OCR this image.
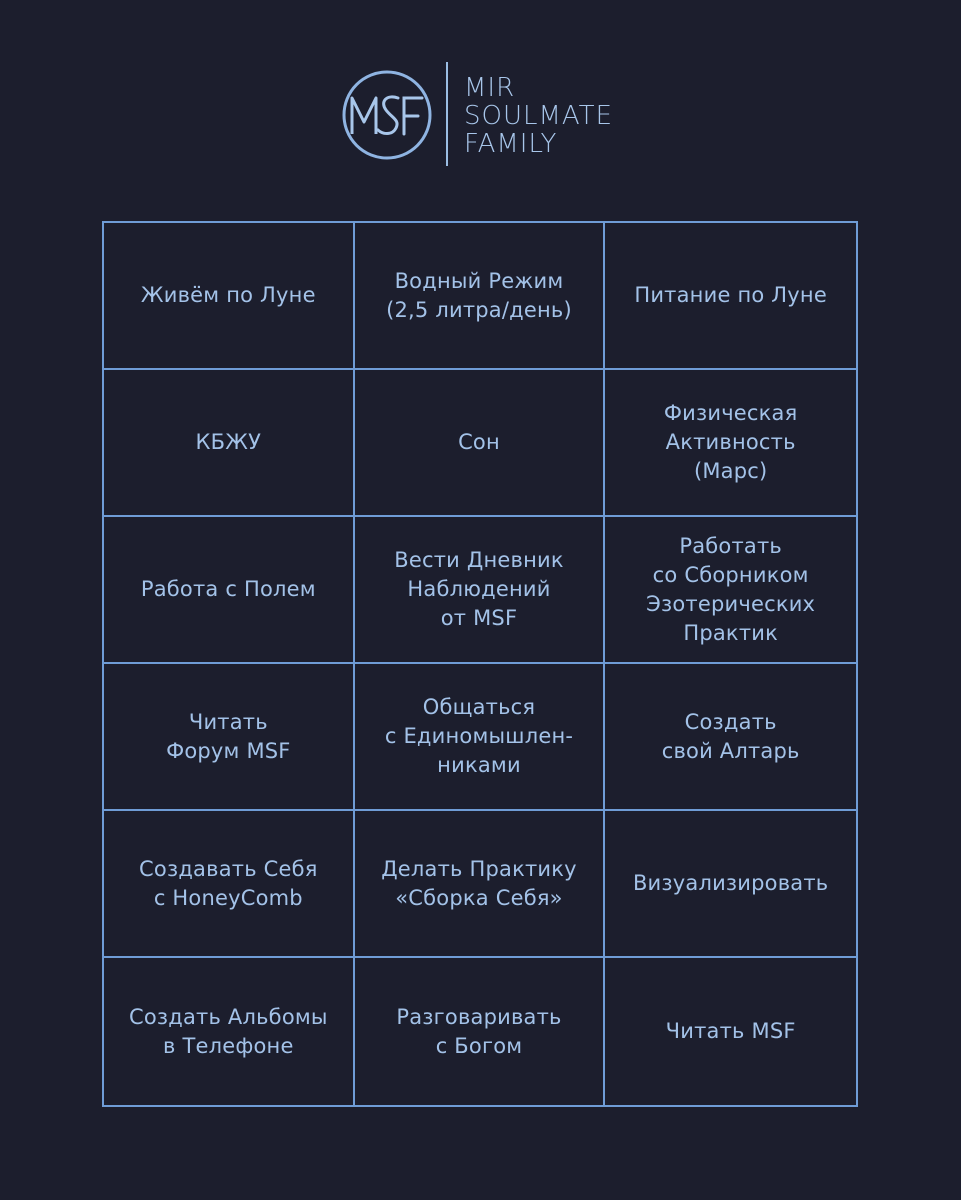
MIR
SOULMATE
FAMILY
Живём по Луне
Водный Режим
(2,5 литра/день)
Питание по Луне
КБЖУ	Сон
Физическая
Активность
(Марс)
Работа с Полем
Вести Дневник
Наблюдений
от MSF
Работать
со Сборником
Эзотерических
Практик
Читать
Форум MSF
Общаться
с Единомышлен-
никами
Создать
свой Алтарь
Создавать Себя
с HoneyComb
Делать Практику
«Сборка Себя»
Визуализировать
Создать Альбомы
в Телефоне
Разговаривать
с Богом
Читать MSF
